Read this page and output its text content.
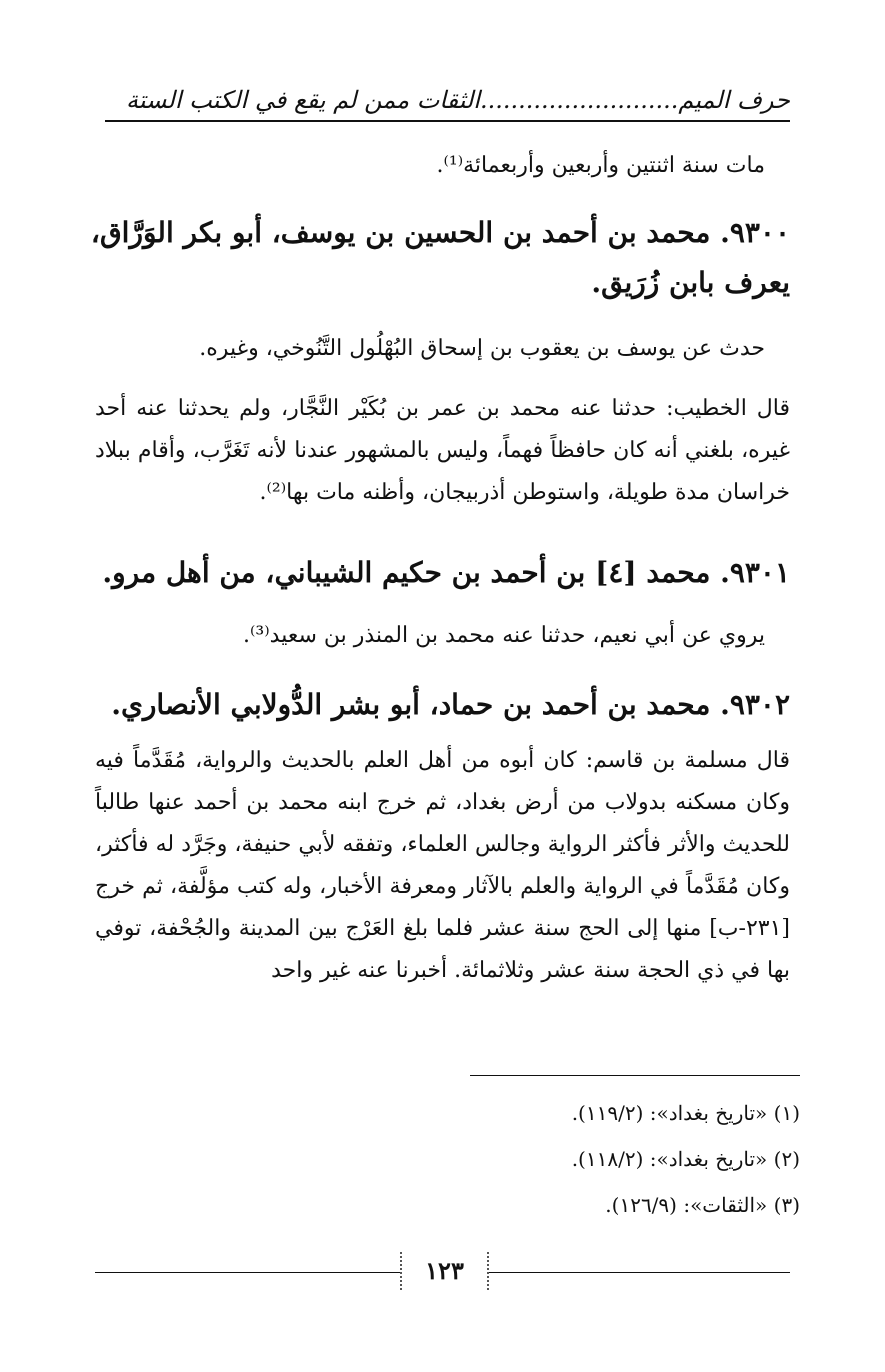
حرف الميم..........................الثقات ممن لم يقع في الكتب الستة
مات سنة اثنتين وأربعين وأربعمائة⁽¹⁾.
٩٣٠٠. محمد بن أحمد بن الحسين بن يوسف، أبو بكر الوَرَّاق، يعرف بابن زُرَيق.
حدث عن يوسف بن يعقوب بن إسحاق البُهْلُول التَّنُوخي، وغيره.
قال الخطيب: حدثنا عنه محمد بن عمر بن بُكَيْر النَّجَّار، ولم يحدثنا عنه أحد غيره، بلغني أنه كان حافظاً فهماً، وليس بالمشهور عندنا لأنه تَغَرَّب، وأقام ببلاد خراسان مدة طويلة، واستوطن أذربيجان، وأظنه مات بها⁽²⁾.
٩٣٠١. محمد [٤] بن أحمد بن حكيم الشيباني، من أهل مرو.
يروي عن أبي نعيم، حدثنا عنه محمد بن المنذر بن سعيد⁽³⁾.
٩٣٠٢. محمد بن أحمد بن حماد، أبو بشر الدُّولابي الأنصاري.
قال مسلمة بن قاسم: كان أبوه من أهل العلم بالحديث والرواية، مُقَدَّماً فيه وكان مسكنه بدولاب من أرض بغداد، ثم خرج ابنه محمد بن أحمد عنها طالباً للحديث والأثر فأكثر الرواية وجالس العلماء، وتفقه لأبي حنيفة، وجَرَّد له فأكثر، وكان مُقَدَّماً في الرواية والعلم بالآثار ومعرفة الأخبار، وله كتب مؤلَّفة، ثم خرج [٢٣١-ب] منها إلى الحج سنة عشر فلما بلغ العَرْج بين المدينة والجُحْفة، توفي بها في ذي الحجة سنة عشر وثلاثمائة. أخبرنا عنه غير واحد
(١) «تاريخ بغداد»: (١١٩/٢).
(٢) «تاريخ بغداد»: (١١٨/٢).
(٣) «الثقات»: (١٢٦/٩).
١٢٣
